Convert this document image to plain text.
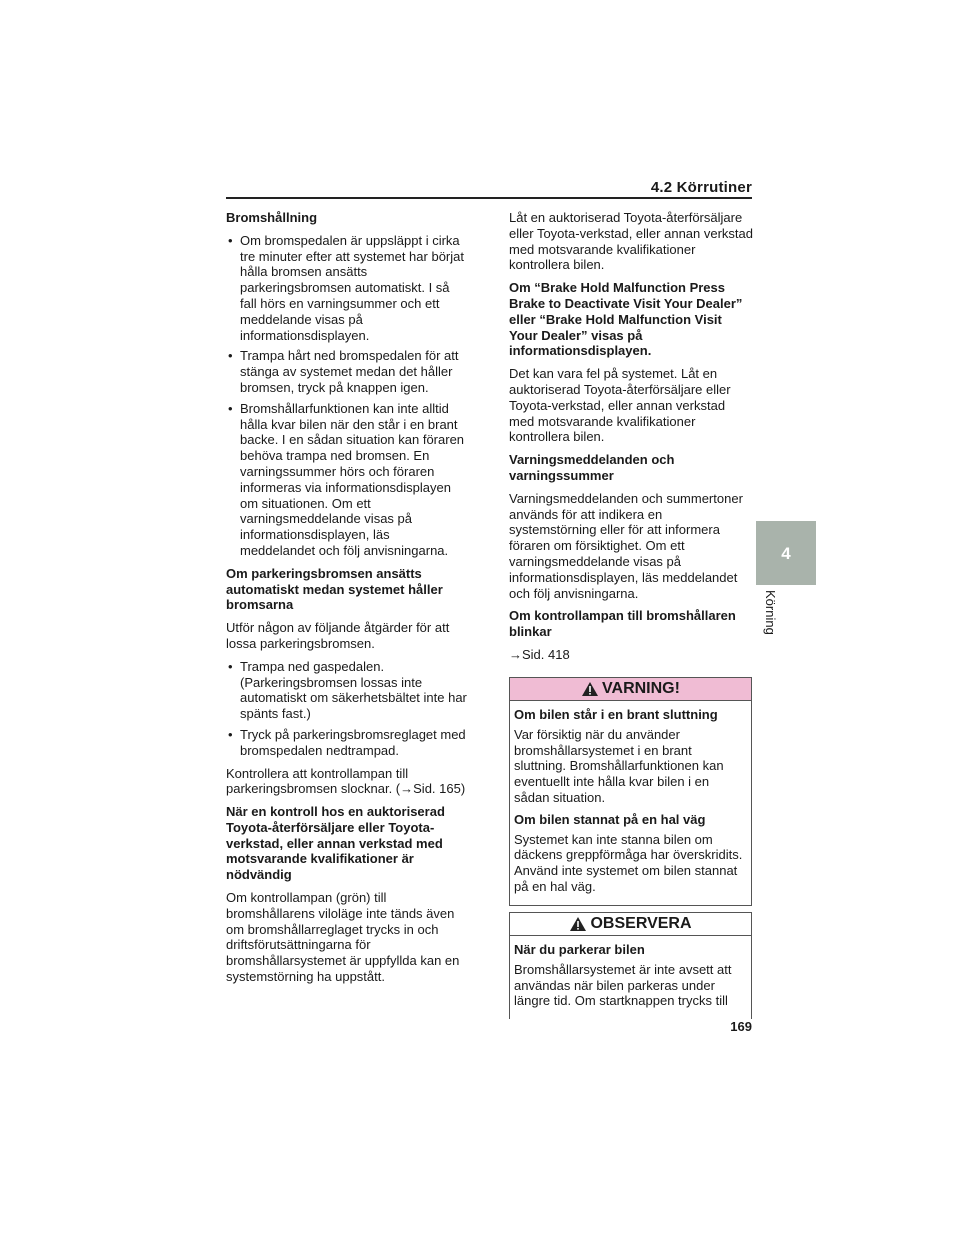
4.2 Körrutiner
Bromshållning
• Om bromspedalen är uppsläppt i cirka tre minuter efter att systemet har börjat hålla bromsen ansätts parkeringsbromsen automatiskt. I så fall hörs en varningsummer och ett meddelande visas på informationsdisplayen.
• Trampa hårt ned bromspedalen för att stänga av systemet medan det håller bromsen, tryck på knappen igen.
• Bromshållarfunktionen kan inte alltid hålla kvar bilen när den står i en brant backe. I en sådan situation kan föraren behöva trampa ned bromsen. En varningssummer hörs och föraren informeras via informationsdisplayen om situationen. Om ett varningsmeddelande visas på informationsdisplayen, läs meddelandet och följ anvisningarna.
Om parkeringsbromsen ansätts automatiskt medan systemet håller bromsarna
Utför någon av följande åtgärder för att lossa parkeringsbromsen.
• Trampa ned gaspedalen. (Parkeringsbromsen lossas inte automatiskt om säkerhetsbältet inte har spänts fast.)
• Tryck på parkeringsbromsreglaget med bromspedalen nedtrampad.
Kontrollera att kontrollampan till parkeringsbromsen slocknar. (→Sid. 165)
När en kontroll hos en auktoriserad Toyota-återförsäljare eller Toyota-verkstad, eller annan verkstad med motsvarande kvalifikationer är nödvändig
Om kontrollampan (grön) till bromshållarens viloläge inte tänds även om bromshållarreglaget trycks in och driftsförutsättningarna för bromshållarsystemet är uppfyllda kan en systemstörning ha uppstått.
Låt en auktoriserad Toyota-återförsäljare eller Toyota-verkstad, eller annan verkstad med motsvarande kvalifikationer kontrollera bilen.
Om “Brake Hold Malfunction Press Brake to Deactivate Visit Your Dealer” eller “Brake Hold Malfunction Visit Your Dealer” visas på informationsdisplayen.
Det kan vara fel på systemet. Låt en auktoriserad Toyota-återförsäljare eller Toyota-verkstad, eller annan verkstad med motsvarande kvalifikationer kontrollera bilen.
Varningsmeddelanden och varningssummer
Varningsmeddelanden och summertoner används för att indikera en systemstörning eller för att informera föraren om försiktighet. Om ett varningsmeddelande visas på informationsdisplayen, läs meddelandet och följ anvisningarna.
Om kontrollampan till bromshållaren blinkar
→Sid. 418
VARNING!
Om bilen står i en brant sluttning
Var försiktig när du använder bromshållarsystemet i en brant sluttning. Bromshållarfunktionen kan eventuellt inte hålla kvar bilen i en sådan situation.
Om bilen stannat på en hal väg
Systemet kan inte stanna bilen om däckens greppförmåga har överskridits. Använd inte systemet om bilen stannat på en hal väg.
OBSERVERA
När du parkerar bilen
Bromshållarsystemet är inte avsett att användas när bilen parkeras under längre tid. Om startknappen trycks till
4
Körning
169
